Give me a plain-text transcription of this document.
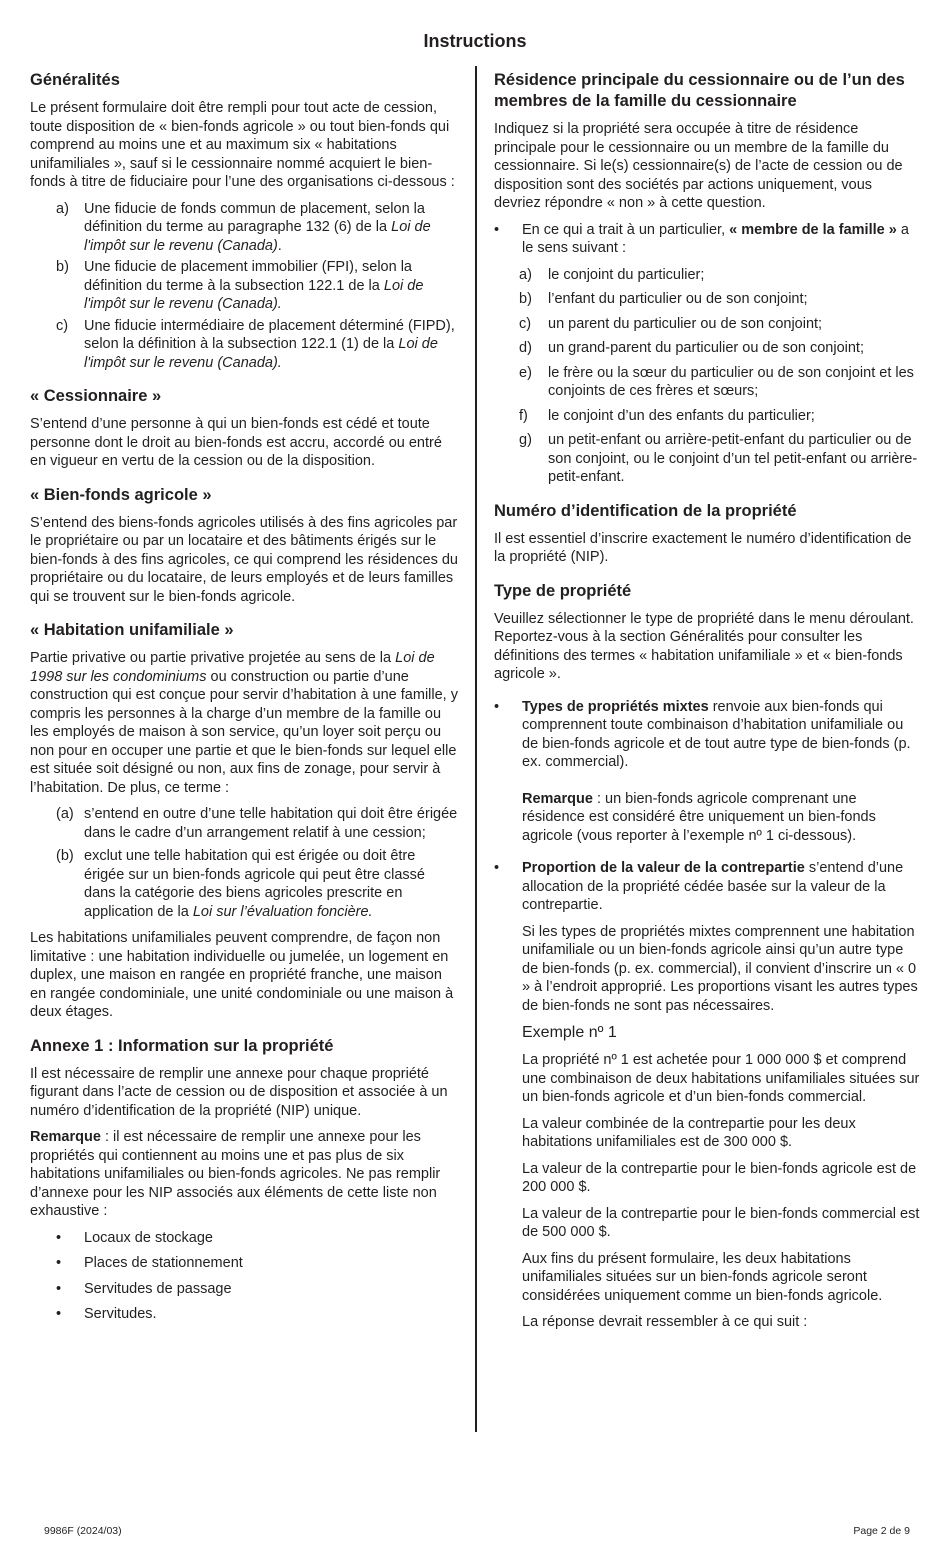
Instructions
Généralités

Le présent formulaire doit être rempli pour tout acte de cession, toute disposition de « bien-fonds agricole » ou tout bien-fonds qui comprend au moins une et au maximum six « habitations unifamiliales », sauf si le cessionnaire nommé acquiert le bien-fonds à titre de fiduciaire pour l’une des organisations ci-dessous :

a) Une fiducie de fonds commun de placement, selon la définition du terme au paragraphe 132 (6) de la Loi de l'impôt sur le revenu (Canada).
b) Une fiducie de placement immobilier (FPI), selon la définition du terme à la subsection 122.1 de la Loi de l'impôt sur le revenu (Canada).
c) Une fiducie intermédiaire de placement déterminé (FIPD), selon la définition à la subsection 122.1 (1) de la Loi de l'impôt sur le revenu (Canada).
« Cessionnaire »

S’entend d’une personne à qui un bien-fonds est cédé et toute personne dont le droit au bien-fonds est accru, accordé ou entré en vigueur en vertu de la cession ou de la disposition.

« Bien-fonds agricole »

S’entend des biens-fonds agricoles utilisés à des fins agricoles par le propriétaire ou par un locataire et des bâtiments érigés sur le bien-fonds à des fins agricoles, ce qui comprend les résidences du propriétaire ou du locataire, de leurs employés et de leurs familles qui se trouvent sur le bien-fonds agricole.

« Habitation unifamiliale »

Partie privative ou partie privative projetée au sens de la Loi de 1998 sur les condominiums ou construction ou partie d’une construction qui est conçue pour servir d’habitation à une famille, y compris les personnes à la charge d’un membre de la famille ou les employés de maison à son service, qu’un loyer soit perçu ou non pour en occuper une partie et que le bien-fonds sur lequel elle est située soit désigné ou non, aux fins de zonage, pour servir à l’habitation. De plus, ce terme :

(a) s’entend en outre d’une telle habitation qui doit être érigée dans le cadre d’un arrangement relatif à une cession;
(b) exclut une telle habitation qui est érigée ou doit être érigée sur un bien-fonds agricole qui peut être classé dans la catégorie des biens agricoles prescrite en application de la Loi sur l’évaluation foncière.

Les habitations unifamiliales peuvent comprendre, de façon non limitative : une habitation individuelle ou jumelée, un logement en duplex, une maison en rangée en propriété franche, une maison en rangée condominiale, une unité condominiale ou une maison à deux étages.

Annexe 1 : Information sur la propriété

Il est nécessaire de remplir une annexe pour chaque propriété figurant dans l’acte de cession ou de disposition et associée à un numéro d’identification de la propriété (NIP) unique.

Remarque : il est nécessaire de remplir une annexe pour les propriétés qui contiennent au moins une et pas plus de six habitations unifamiliales ou bien-fonds agricoles. Ne pas remplir d’annexe pour les NIP associés aux éléments de cette liste non exhaustive :

• Locaux de stockage
• Places de stationnement
• Servitudes de passage
• Servitudes.
Résidence principale du cessionnaire ou de l’un des membres de la famille du cessionnaire

Indiquez si la propriété sera occupée à titre de résidence principale pour le cessionnaire ou un membre de la famille du cessionnaire. Si le(s) cessionnaire(s) de l’acte de cession ou de disposition sont des sociétés par actions uniquement, vous devriez répondre « non » à cette question.

• En ce qui a trait à un particulier, « membre de la famille » a le sens suivant :
a) le conjoint du particulier;
b) l’enfant du particulier ou de son conjoint;
c) un parent du particulier ou de son conjoint;
d) un grand-parent du particulier ou de son conjoint;
e) le frère ou la sœur du particulier ou de son conjoint et les conjoints de ces frères et sœurs;
f) le conjoint d’un des enfants du particulier;
g) un petit-enfant ou arrière-petit-enfant du particulier ou de son conjoint, ou le conjoint d’un tel petit-enfant ou arrière-petit-enfant.
Numéro d’identification de la propriété

Il est essentiel d’inscrire exactement le numéro d’identification de la propriété (NIP).

Type de propriété

Veuillez sélectionner le type de propriété dans le menu déroulant. Reportez-vous à la section Généralités pour consulter les définitions des termes « habitation unifamiliale » et « bien-fonds agricole ».

• Types de propriétés mixtes renvoie aux bien-fonds qui comprennent toute combinaison d’habitation unifamiliale ou de bien-fonds agricole et de tout autre type de bien-fonds (p. ex. commercial).

Remarque : un bien-fonds agricole comprenant une résidence est considéré être uniquement un bien-fonds agricole (vous reporter à l’exemple nº 1 ci-dessous).

• Proportion de la valeur de la contrepartie s’entend d’une allocation de la propriété cédée basée sur la valeur de la contrepartie.

Si les types de propriétés mixtes comprennent une habitation unifamiliale ou un bien-fonds agricole ainsi qu’un autre type de bien-fonds (p. ex. commercial), il convient d’inscrire un « 0 » à l’endroit approprié. Les proportions visant les autres types de bien-fonds ne sont pas nécessaires.

Exemple nº 1

La propriété nº 1 est achetée pour 1 000 000 $ et comprend une combinaison de deux habitations unifamiliales situées sur un bien-fonds agricole et d’un bien-fonds commercial.

La valeur combinée de la contrepartie pour les deux habitations unifamiliales est de 300 000 $.

La valeur de la contrepartie pour le bien-fonds agricole est de 200 000 $.

La valeur de la contrepartie pour le bien-fonds commercial est de 500 000 $.

Aux fins du présent formulaire, les deux habitations unifamiliales situées sur un bien-fonds agricole seront considérées uniquement comme un bien-fonds agricole.

La réponse devrait ressembler à ce qui suit :

9986F (2024/03)	Page 2 de 9
